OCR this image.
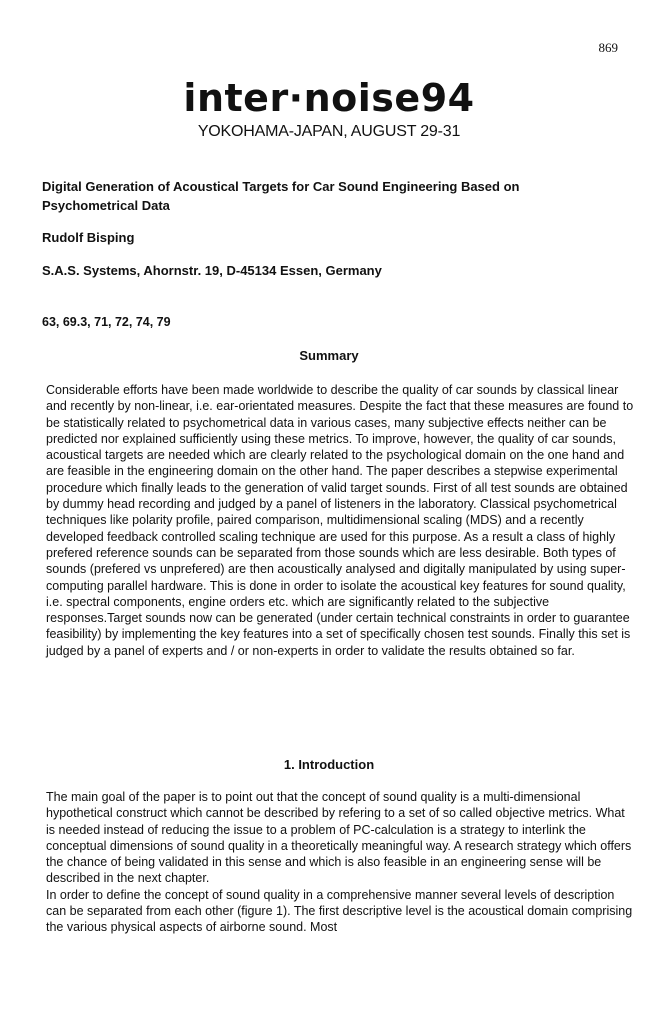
869
inter·noise94
YOKOHAMA-JAPAN, AUGUST 29-31
Digital Generation of Acoustical Targets for Car Sound Engineering Based on Psychometrical Data
Rudolf Bisping
S.A.S. Systems, Ahornstr. 19, D-45134 Essen, Germany
63, 69.3, 71, 72, 74, 79
Summary

Considerable efforts have been made worldwide to describe the quality of car sounds by classical linear and recently by non-linear, i.e. ear-orientated measures. Despite the fact that these measures are found to be statistically related to psychometrical data in various cases, many subjective effects neither can be predicted nor explained sufficiently using these metrics. To improve, however, the quality of car sounds, acoustical targets are needed which are clearly related to the psychological domain on the one hand and are feasible in the engineering domain on the other hand. The paper describes a stepwise experimental procedure which finally leads to the generation of valid target sounds. First of all test sounds are obtained by dummy head recording and judged by a panel of listeners in the laboratory. Classical psychometrical techniques like polarity profile, paired comparison, multidimensional scaling (MDS) and a recently developed feedback controlled scaling technique are used for this purpose. As a result a class of highly prefered reference sounds can be separated from those sounds which are less desirable. Both types of sounds (prefered vs unprefered) are then acoustically analysed and digitally manipulated by using super-computing parallel hardware. This is done in order to isolate the acoustical key features for sound quality, i.e. spectral components, engine orders etc. which are significantly related to the subjective responses.Target sounds now can be generated (under certain technical constraints in order to guarantee feasibility) by implementing the key features into a set of specifically chosen test sounds. Finally this set is judged by a panel of experts and / or non-experts in order to validate the results obtained so far.

1. Introduction
The main goal of the paper is to point out that the concept of sound quality is a multi-dimensional hypothetical construct which cannot be described by refering to a set of so called objective metrics. What is needed instead of reducing the issue to a problem of PC-calculation is a strategy to interlink the conceptual dimensions of sound quality in a theoretically meaningful way. A research strategy which offers the chance of being validated in this sense and which is also feasible in an engineering sense will be described in the next chapter.
In order to define the concept of sound quality in a comprehensive manner several levels of description can be separated from each other (figure 1). The first descriptive level is the acoustical domain comprising the various physical aspects of airborne sound. Most
